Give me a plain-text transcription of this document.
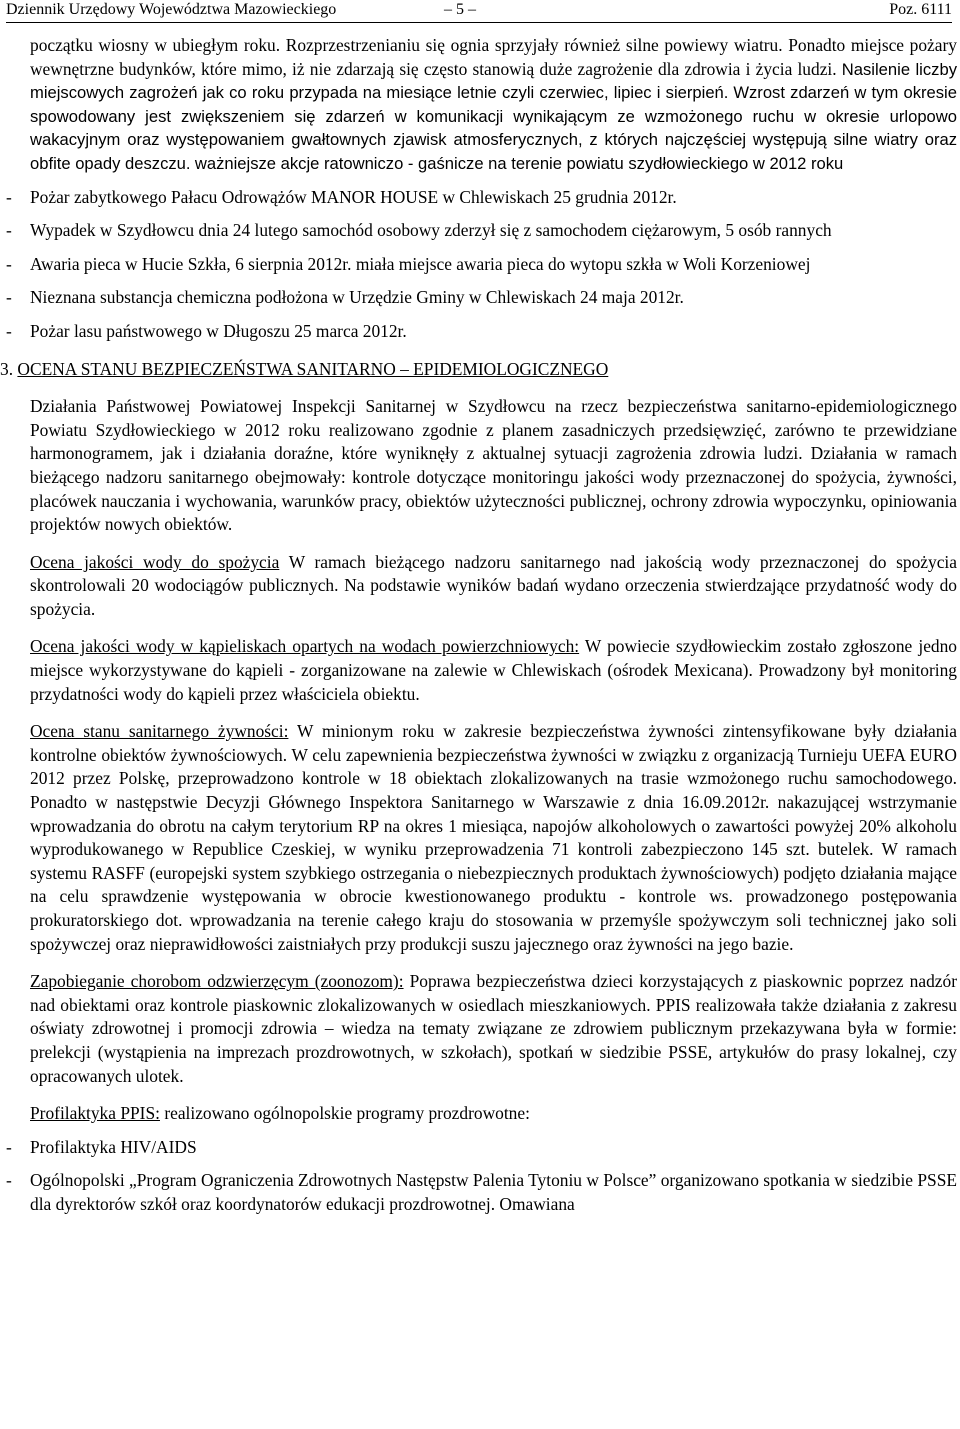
Dziennik Urzędowy Województwa Mazowieckiego	– 5 –	Poz. 6111

początku wiosny w ubiegłym roku. Rozprzestrzenianiu się ognia sprzyjały również silne powiewy wiatru. Ponadto miejsce pożary wewnętrzne budynków, które mimo, iż nie zdarzają się często stanowią duże zagrożenie dla zdrowia i życia ludzi. Nasilenie liczby miejscowych zagrożeń jak co roku przypada na miesiące letnie czyli czerwiec, lipiec i sierpień. Wzrost zdarzeń w tym okresie spowodowany jest zwiększeniem się zdarzeń w komunikacji wynikającym ze wzmożonego ruchu w okresie urlopowo wakacyjnym oraz występowaniem gwałtownych zjawisk atmosferycznych, z których najczęściej występują silne wiatry oraz obfite opady deszczu. ważniejsze akcje ratowniczo - gaśnicze na terenie powiatu szydłowieckiego w 2012 roku

- Pożar zabytkowego Pałacu Odrowążów MANOR HOUSE w Chlewiskach 25 grudnia 2012r.
- Wypadek w Szydłowcu dnia 24 lutego samochód osobowy zderzył się z samochodem ciężarowym, 5 osób rannych
- Awaria pieca w Hucie Szkła, 6 sierpnia 2012r. miała miejsce awaria pieca do wytopu szkła w Woli Korzeniowej
- Nieznana substancja chemiczna podłożona w Urzędzie Gminy w Chlewiskach 24 maja 2012r.
- Pożar lasu państwowego w Długoszu 25 marca 2012r.

3. OCENA STANU BEZPIECZEŃSTWA SANITARNO – EPIDEMIOLOGICZNEGO

Działania Państwowej Powiatowej Inspekcji Sanitarnej w Szydłowcu na rzecz bezpieczeństwa sanitarno-epidemiologicznego Powiatu Szydłowieckiego w 2012 roku realizowano zgodnie z planem zasadniczych przedsięwzięć, zarówno te przewidziane harmonogramem, jak i działania doraźne, które wyniknęły z aktualnej sytuacji zagrożenia zdrowia ludzi. Działania w ramach bieżącego nadzoru sanitarnego obejmowały: kontrole dotyczące monitoringu jakości wody przeznaczonej do spożycia, żywności, placówek nauczania i wychowania, warunków pracy, obiektów użyteczności publicznej, ochrony zdrowia wypoczynku, opiniowania projektów nowych obiektów.

Ocena jakości wody do spożycia W ramach bieżącego nadzoru sanitarnego nad jakością wody przeznaczonej do spożycia skontrolowali 20 wodociągów publicznych. Na podstawie wyników badań wydano orzeczenia stwierdzające przydatność wody do spożycia.

Ocena jakości wody w kąpieliskach opartych na wodach powierzchniowych: W powiecie szydłowieckim zostało zgłoszone jedno miejsce wykorzystywane do kąpieli - zorganizowane na zalewie w Chlewiskach (ośrodek Mexicana). Prowadzony był monitoring przydatności wody do kąpieli przez właściciela obiektu.

Ocena stanu sanitarnego żywności: W minionym roku w zakresie bezpieczeństwa żywności zintensyfikowane były działania kontrolne obiektów żywnościowych. W celu zapewnienia bezpieczeństwa żywności w związku z organizacją Turnieju UEFA EURO 2012 przez Polskę, przeprowadzono kontrole w 18 obiektach zlokalizowanych na trasie wzmożonego ruchu samochodowego. Ponadto w następstwie Decyzji Głównego Inspektora Sanitarnego w Warszawie z dnia 16.09.2012r. nakazującej wstrzymanie wprowadzania do obrotu na całym terytorium RP na okres 1 miesiąca, napojów alkoholowych o zawartości powyżej 20% alkoholu wyprodukowanego w Republice Czeskiej, w wyniku przeprowadzenia 71 kontroli zabezpieczono 145 szt. butelek. W ramach systemu RASFF (europejski system szybkiego ostrzegania o niebezpiecznych produktach żywnościowych) podjęto działania mające na celu sprawdzenie występowania w obrocie kwestionowanego produktu - kontrole ws. prowadzonego postępowania prokuratorskiego dot. wprowadzania na terenie całego kraju do stosowania w przemyśle spożywczym soli technicznej jako soli spożywczej oraz nieprawidłowości zaistniałych przy produkcji suszu jajecznego oraz żywności na jego bazie.

Zapobieganie chorobom odzwierzęcym (zoonozom): Poprawa bezpieczeństwa dzieci korzystających z piaskownic poprzez nadzór nad obiektami oraz kontrole piaskownic zlokalizowanych w osiedlach mieszkaniowych. PPIS realizowała także działania z zakresu oświaty zdrowotnej i promocji zdrowia – wiedza na tematy związane ze zdrowiem publicznym przekazywana była w formie: prelekcji (wystąpienia na imprezach prozdrowotnych, w szkołach), spotkań w siedzibie PSSE, artykułów do prasy lokalnej, czy opracowanych ulotek.

Profilaktyka PPIS: realizowano ogólnopolskie programy prozdrowotne:

- Profilaktyka HIV/AIDS
- Ogólnopolski „Program Ograniczenia Zdrowotnych Następstw Palenia Tytoniu w Polsce” organizowano spotkania w siedzibie PSSE dla dyrektorów szkół oraz koordynatorów edukacji prozdrowotnej. Omawiana
